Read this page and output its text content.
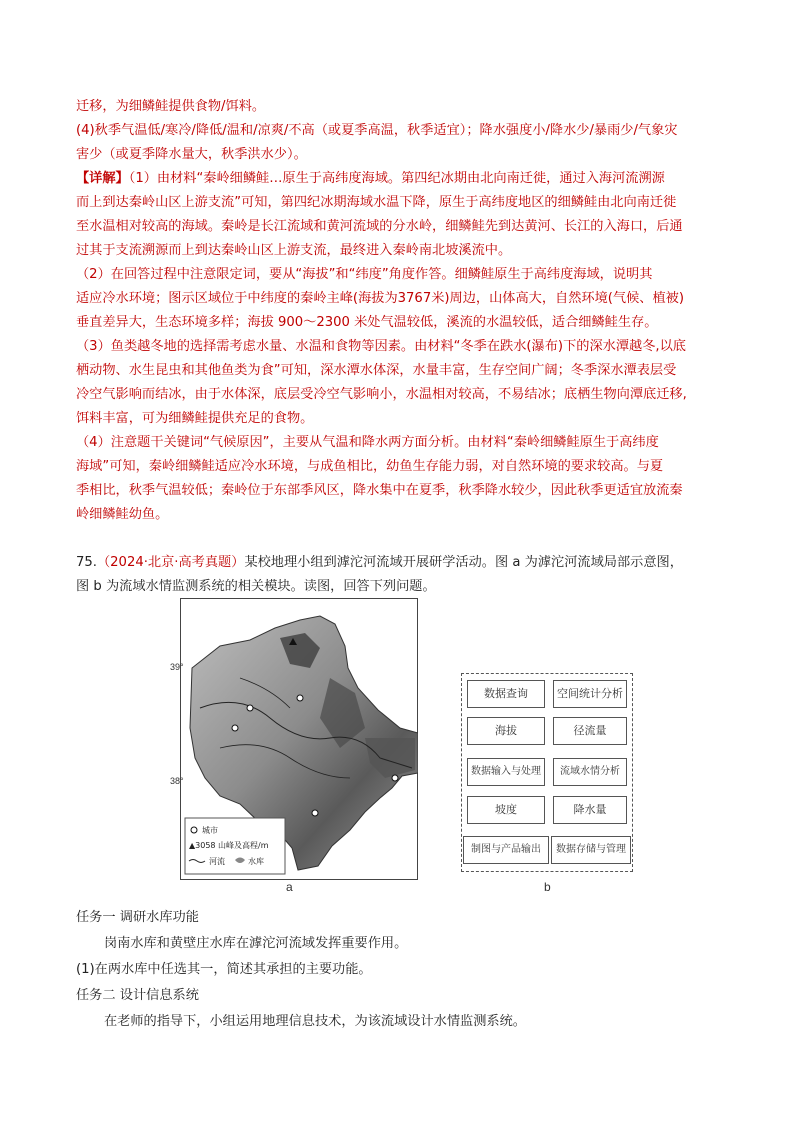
迁移，为细鳞鲑提供食物/饵料。
(4)秋季气温低/寒冷/降低/温和/凉爽/不高（或夏季高温，秋季适宜）；降水强度小/降水少/暴雨少/气象灾
害少（或夏季降水量大，秋季洪水少）。
【详解】（1）由材料“秦岭细鳞鲑…原生于高纬度海域。第四纪冰期由北向南迁徙，通过入海河流溯源
而上到达秦岭山区上游支流”可知，第四纪冰期海域水温下降，原生于高纬度地区的细鳞鲑由北向南迁徙
至水温相对较高的海域。秦岭是长江流域和黄河流域的分水岭，细鳞鲑先到达黄河、长江的入海口，后通
过其于支流溯源而上到达秦岭山区上游支流，最终进入秦岭南北坡溪流中。
（2）在回答过程中注意限定词，要从“海拔”和“纬度”角度作答。细鳞鲑原生于高纬度海域，说明其
适应冷水环境；图示区域位于中纬度的秦岭主峰(海拔为3767米)周边，山体高大，自然环境(气候、植被)
垂直差异大，生态环境多样；海拔 900～2300 米处气温较低，溪流的水温较低，适合细鳞鲑生存。
（3）鱼类越冬地的选择需考虑水量、水温和食物等因素。由材料“冬季在跌水(瀑布)下的深水潭越冬,以底
栖动物、水生昆虫和其他鱼类为食”可知，深水潭水体深，水量丰富，生存空间广阔；冬季深水潭表层受
冷空气影响而结冰，由于水体深，底层受冷空气影响小，水温相对较高，不易结冰；底栖生物向潭底迁移,
饵料丰富，可为细鳞鲑提供充足的食物。
（4）注意题干关键词“气候原因”，主要从气温和降水两方面分析。由材料“秦岭细鳞鲑原生于高纬度
海域”可知，秦岭细鳞鲑适应冷水环境，与成鱼相比，幼鱼生存能力弱，对自然环境的要求较高。与夏
季相比，秋季气温较低；秦岭位于东部季风区，降水集中在夏季，秋季降水较少，因此秋季更适宜放流秦
岭细鳞鲑幼鱼。
75.（2024·北京·高考真题）某校地理小组到滹沱河流域开展研学活动。图 a 为滹沱河流域局部示意图，
图 b 为流域水情监测系统的相关模块。读图，回答下列问题。
城市
▲3058 山峰及高程/m
河流	水库
39°
38°
a
数据查询	空间统计分析
海拔	径流量
数据输入与处理	流域水情分析
坡度	降水量
制图与产品输出	数据存储与管理
b
任务一 调研水库功能
岗南水库和黄壁庄水库在滹沱河流域发挥重要作用。
(1)在两水库中任选其一，简述其承担的主要功能。
任务二 设计信息系统
在老师的指导下，小组运用地理信息技术，为该流域设计水情监测系统。
